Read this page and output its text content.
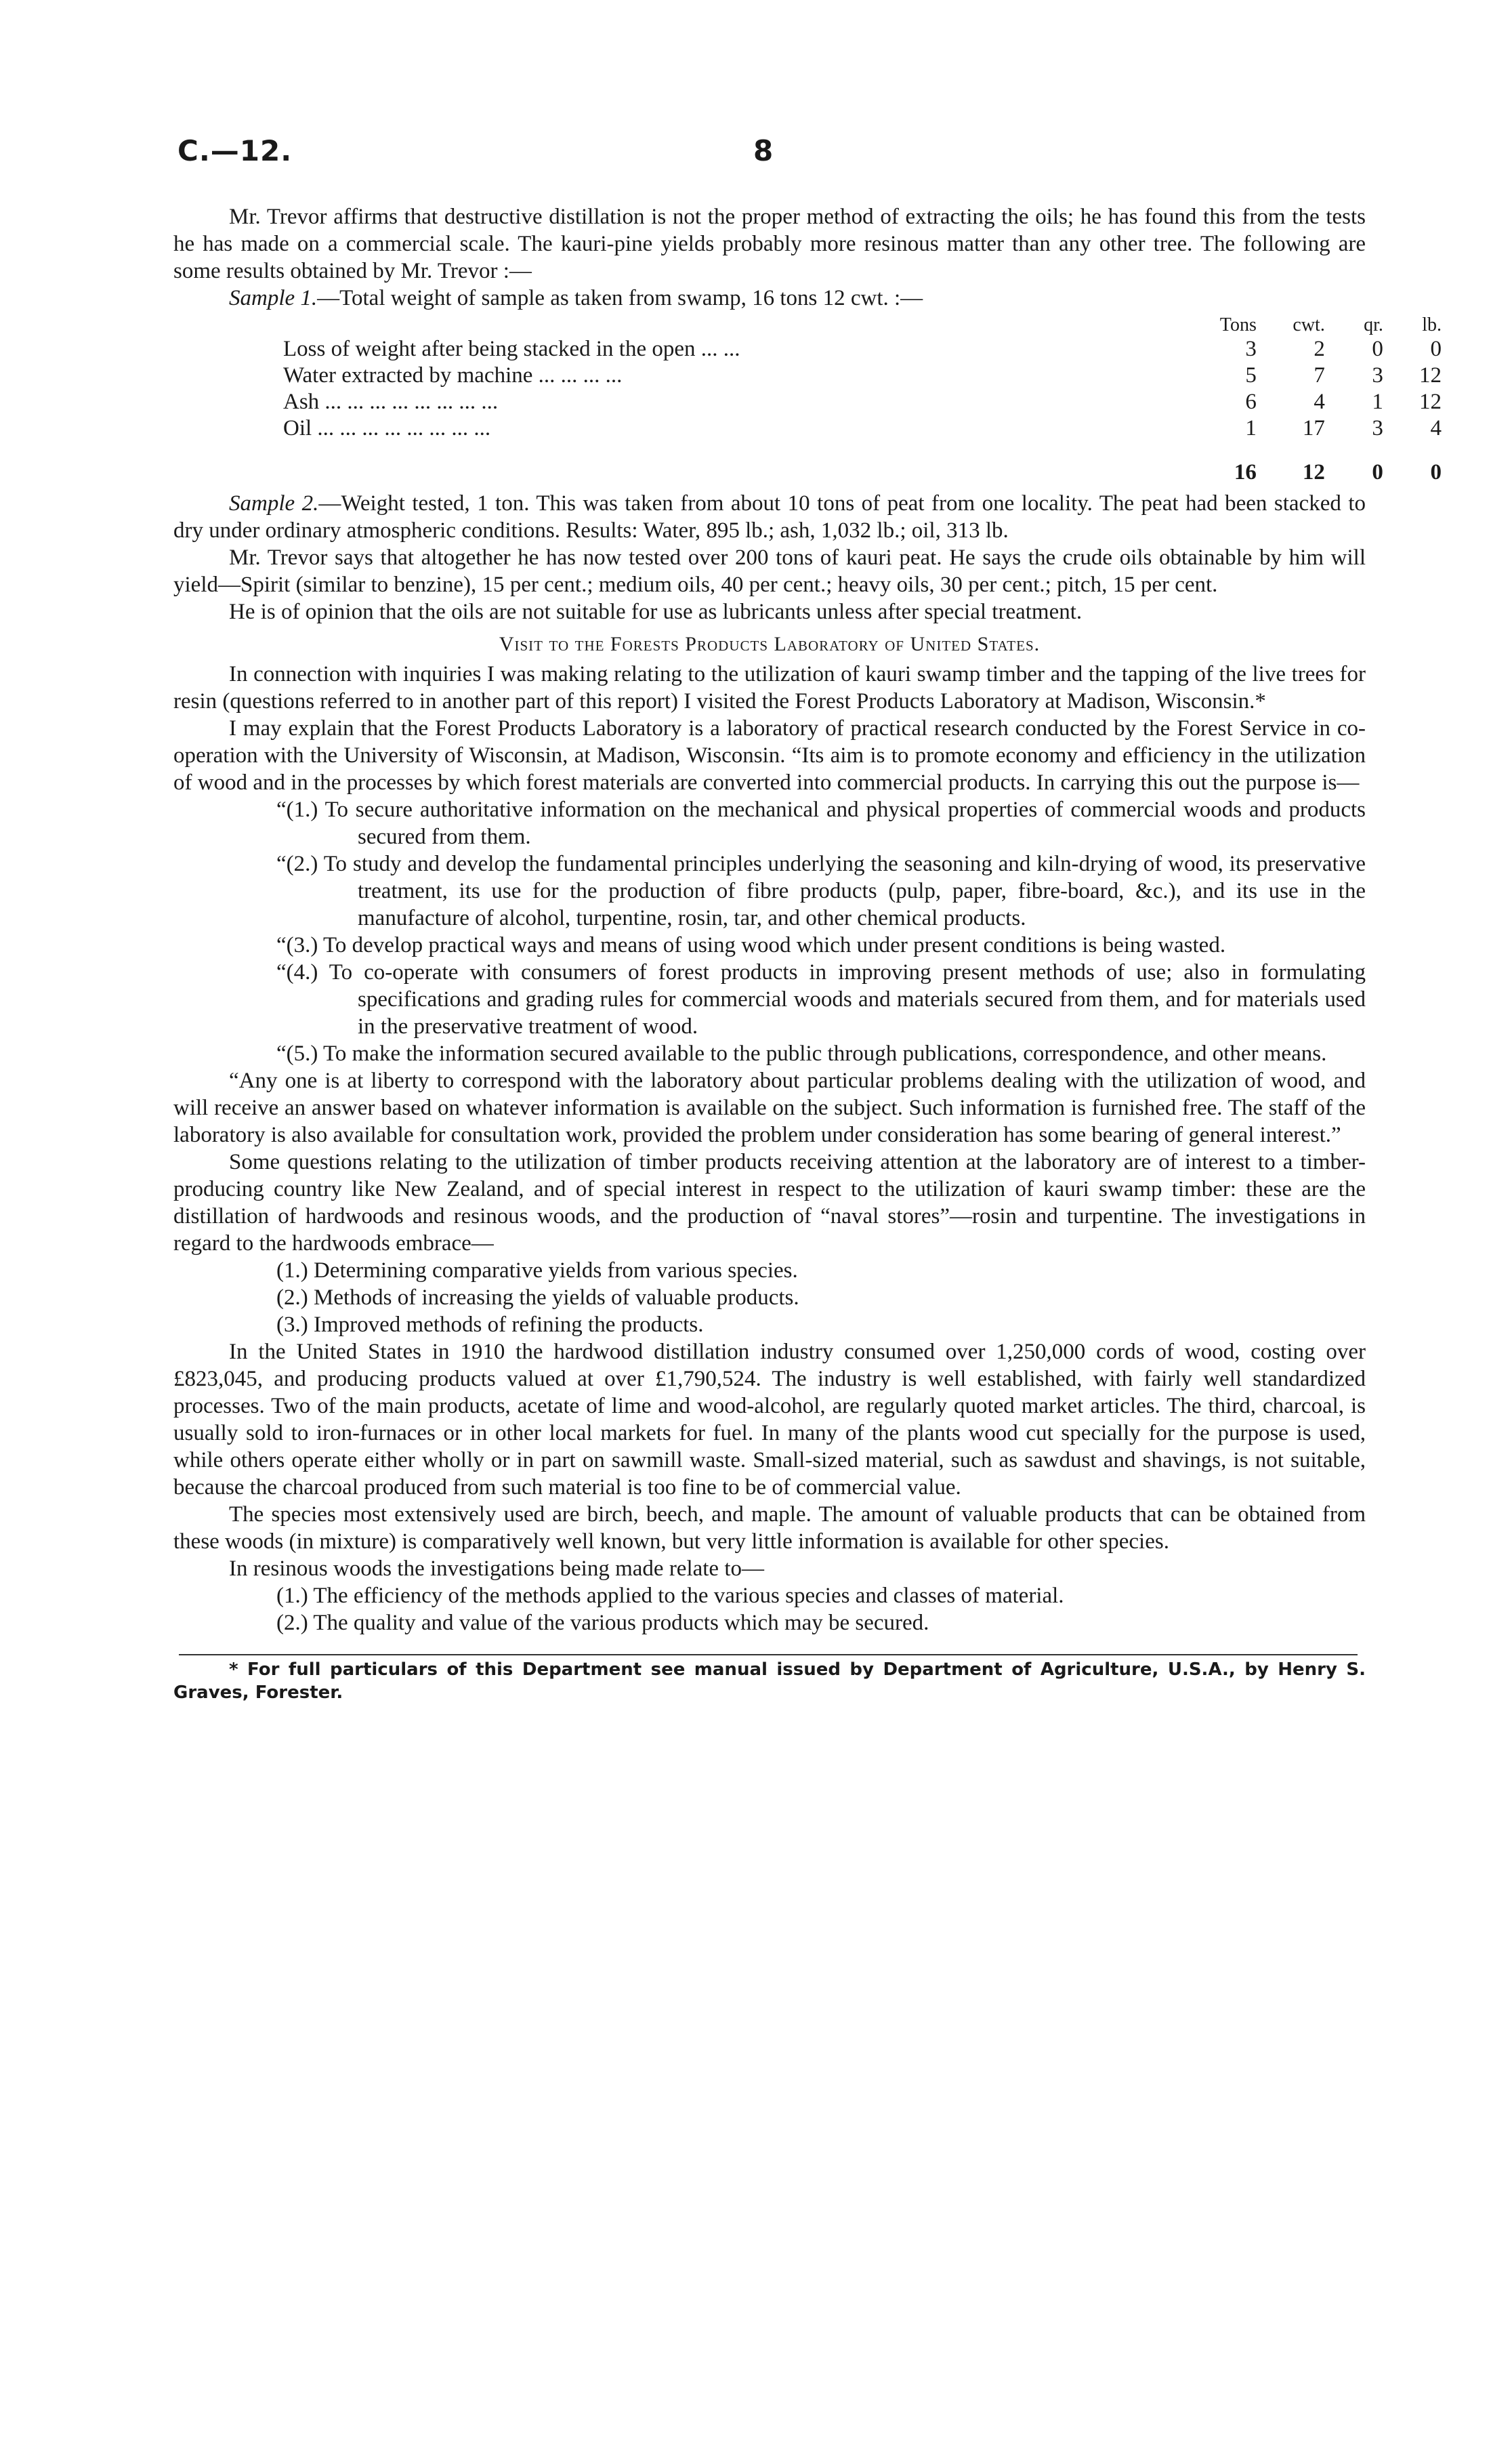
C.—12.	8

Mr. Trevor affirms that destructive distillation is not the proper method of extracting the oils; he has found this from the tests he has made on a commercial scale. The kauri-pine yields probably more resinous matter than any other tree. The following are some results obtained by Mr. Trevor :—

Sample 1.—Total weight of sample as taken from swamp, 16 tons 12 cwt. :—

	Tons	cwt.	qr.	lb.
Loss of weight after being stacked in the open ... ...	3	2	0	0
Water extracted by machine ... ... ... ...	5	7	3	12
Ash ... ... ... ... ... ... ... ...	6	4	1	12
Oil ... ... ... ... ... ... ... ...	1	17	3	4

	16	12	0	0

Sample 2.—Weight tested, 1 ton. This was taken from about 10 tons of peat from one locality. The peat had been stacked to dry under ordinary atmospheric conditions. Results: Water, 895 lb.; ash, 1,032 lb.; oil, 313 lb.

Mr. Trevor says that altogether he has now tested over 200 tons of kauri peat. He says the crude oils obtainable by him will yield—Spirit (similar to benzine), 15 per cent.; medium oils, 40 per cent.; heavy oils, 30 per cent.; pitch, 15 per cent.

He is of opinion that the oils are not suitable for use as lubricants unless after special treatment.

Visit to the Forests Products Laboratory of United States.

In connection with inquiries I was making relating to the utilization of kauri swamp timber and the tapping of the live trees for resin (questions referred to in another part of this report) I visited the Forest Products Laboratory at Madison, Wisconsin.*

I may explain that the Forest Products Laboratory is a laboratory of practical research conducted by the Forest Service in co-operation with the University of Wisconsin, at Madison, Wisconsin. “Its aim is to promote economy and efficiency in the utilization of wood and in the processes by which forest materials are converted into commercial products. In carrying this out the purpose is—

“(1.) To secure authoritative information on the mechanical and physical properties of commercial woods and products secured from them.

“(2.) To study and develop the fundamental principles underlying the seasoning and kiln-drying of wood, its preservative treatment, its use for the production of fibre products (pulp, paper, fibre-board, &c.), and its use in the manufacture of alcohol, turpentine, rosin, tar, and other chemical products.

“(3.) To develop practical ways and means of using wood which under present conditions is being wasted.

“(4.) To co-operate with consumers of forest products in improving present methods of use; also in formulating specifications and grading rules for commercial woods and materials secured from them, and for materials used in the preservative treatment of wood.

“(5.) To make the information secured available to the public through publications, correspondence, and other means.

“Any one is at liberty to correspond with the laboratory about particular problems dealing with the utilization of wood, and will receive an answer based on whatever information is available on the subject. Such information is furnished free. The staff of the laboratory is also available for consultation work, provided the problem under consideration has some bearing of general interest.”

Some questions relating to the utilization of timber products receiving attention at the laboratory are of interest to a timber-producing country like New Zealand, and of special interest in respect to the utilization of kauri swamp timber: these are the distillation of hardwoods and resinous woods, and the production of “naval stores”—rosin and turpentine. The investigations in regard to the hardwoods embrace—

(1.) Determining comparative yields from various species.

(2.) Methods of increasing the yields of valuable products.

(3.) Improved methods of refining the products.

In the United States in 1910 the hardwood distillation industry consumed over 1,250,000 cords of wood, costing over £823,045, and producing products valued at over £1,790,524. The industry is well established, with fairly well standardized processes. Two of the main products, acetate of lime and wood-alcohol, are regularly quoted market articles. The third, charcoal, is usually sold to iron-furnaces or in other local markets for fuel. In many of the plants wood cut specially for the purpose is used, while others operate either wholly or in part on sawmill waste. Small-sized material, such as sawdust and shavings, is not suitable, because the charcoal produced from such material is too fine to be of commercial value.

The species most extensively used are birch, beech, and maple. The amount of valuable products that can be obtained from these woods (in mixture) is comparatively well known, but very little information is available for other species.

In resinous woods the investigations being made relate to—

(1.) The efficiency of the methods applied to the various species and classes of material.

(2.) The quality and value of the various products which may be secured.

* For full particulars of this Department see manual issued by Department of Agriculture, U.S.A., by Henry S. Graves, Forester.
